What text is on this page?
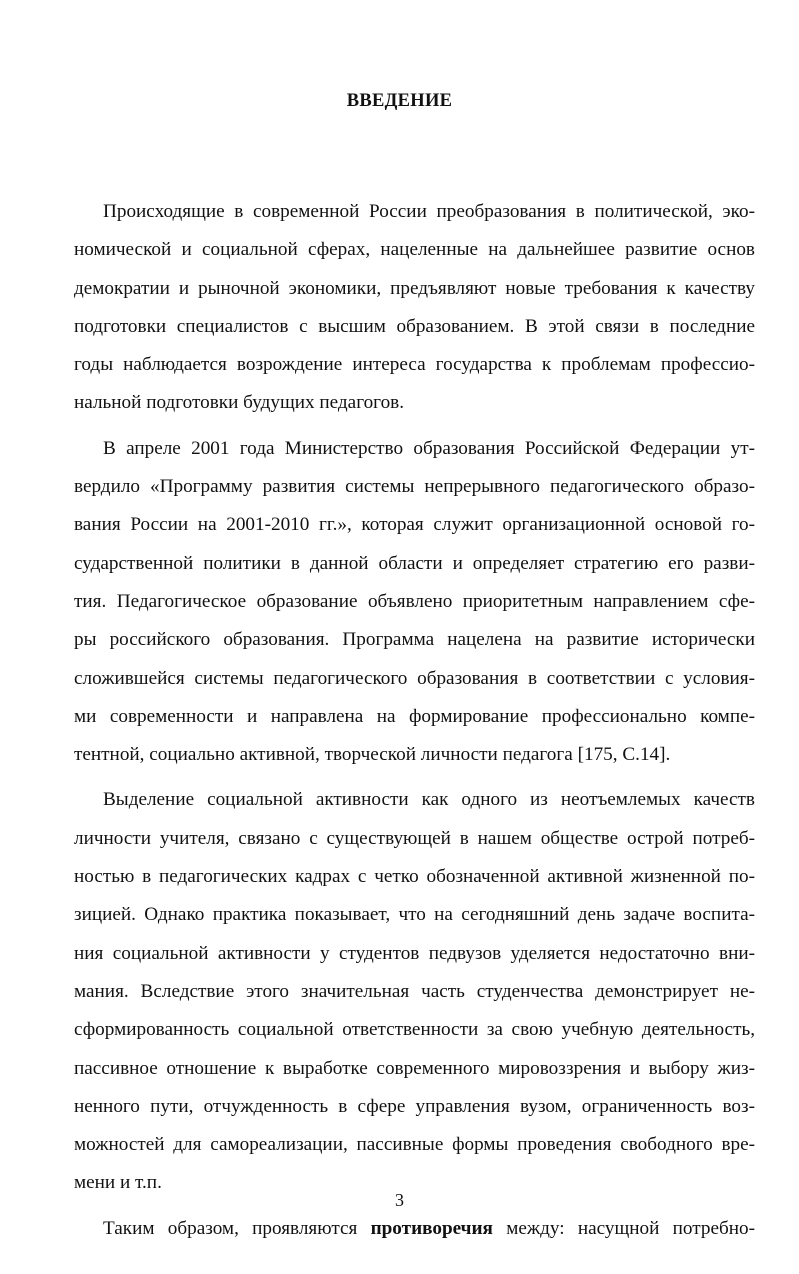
ВВЕДЕНИЕ
Происходящие в современной России преобразования в политической, эко-
номической и социальной сферах, нацеленные на дальнейшее развитие основ
демократии и рыночной экономики, предъявляют новые требования к качеству
подготовки специалистов с высшим образованием. В этой связи в последние
годы наблюдается возрождение интереса государства к проблемам профессио-
нальной подготовки будущих педагогов.
В апреле 2001 года Министерство образования Российской Федерации ут-
вердило «Программу развития системы непрерывного педагогического образо-
вания России на 2001-2010 гг.», которая служит организационной основой го-
сударственной политики в данной области и определяет стратегию его разви-
тия. Педагогическое образование объявлено приоритетным направлением сфе-
ры российского образования. Программа нацелена на развитие исторически
сложившейся системы педагогического образования в соответствии с условия-
ми современности и направлена на формирование профессионально компе-
тентной, социально активной, творческой личности педагога [175, С.14].
Выделение социальной активности как одного из неотъемлемых качеств
личности учителя, связано с существующей в нашем обществе острой потреб-
ностью в педагогических кадрах с четко обозначенной активной жизненной по-
зицией. Однако практика показывает, что на сегодняшний день задаче воспита-
ния социальной активности у студентов педвузов уделяется недостаточно вни-
мания. Вследствие этого значительная часть студенчества демонстрирует не-
сформированность социальной ответственности за свою учебную деятельность,
пассивное отношение к выработке современного мировоззрения и выбору жиз-
ненного пути, отчужденность в сфере управления вузом, ограниченность воз-
можностей для самореализации, пассивные формы проведения свободного вре-
мени и т.п.
Таким образом, проявляются противоречия между: насущной потребно-
3
